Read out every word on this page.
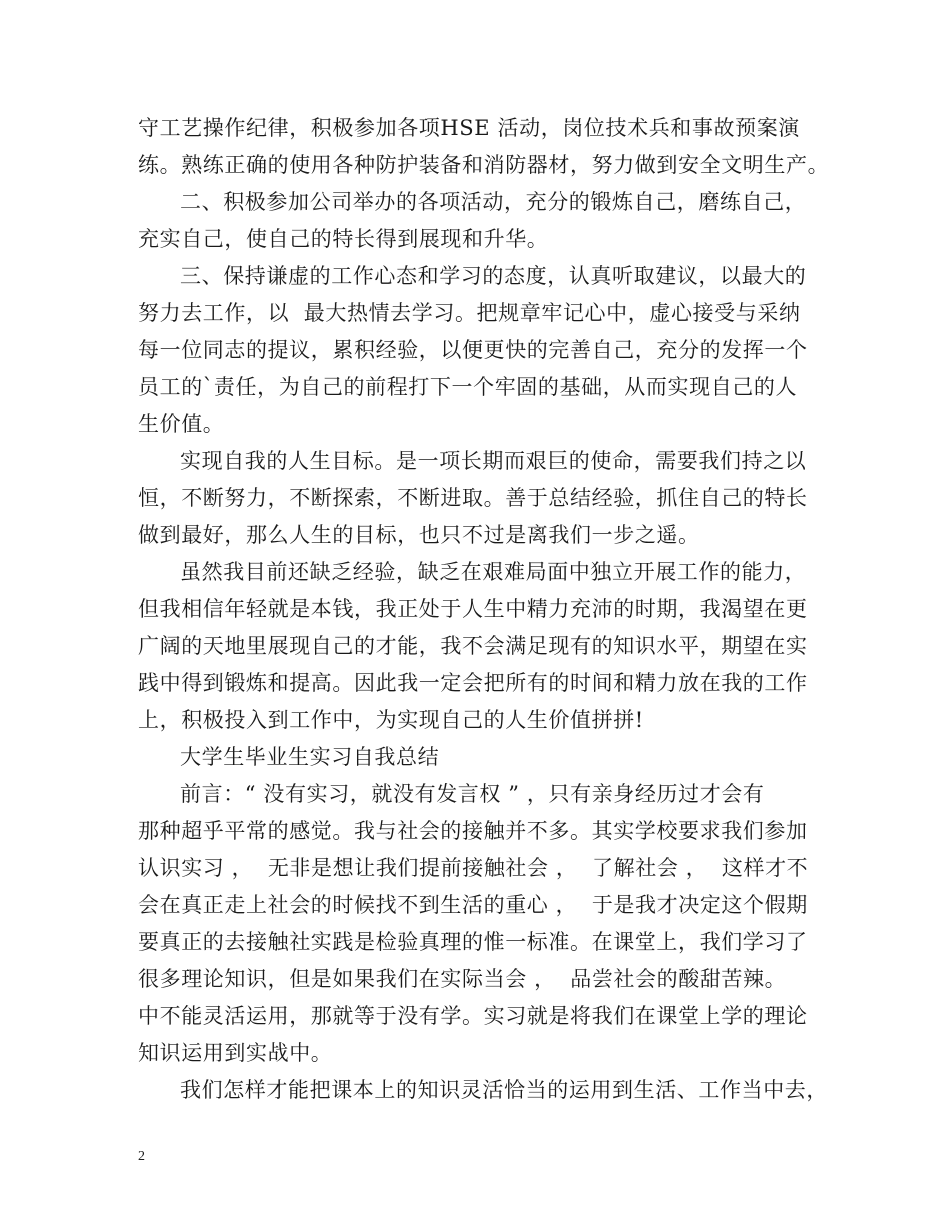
守工艺操作纪律，积极参加各项HSE 活动，岗位技术兵和事故预案演
练。熟练正确的使用各种防护装备和消防器材，努力做到安全文明生产。
二、积极参加公司举办的各项活动，充分的锻炼自己，磨练自己，
充实自己，使自己的特长得到展现和升华。
三、保持谦虚的工作心态和学习的态度，认真听取建议，以最大的
努力去工作，以  最大热情去学习。把规章牢记心中，虚心接受与采纳
每一位同志的提议，累积经验，以便更快的完善自己，充分的发挥一个
员工的`责任，为自己的前程打下一个牢固的基础，从而实现自己的人
生价值。
实现自我的人生目标。是一项长期而艰巨的使命，需要我们持之以
恒，不断努力，不断探索，不断进取。善于总结经验，抓住自己的特长
做到最好，那么人生的目标，也只不过是离我们一步之遥。
虽然我目前还缺乏经验，缺乏在艰难局面中独立开展工作的能力，
但我相信年轻就是本钱，我正处于人生中精力充沛的时期，我渴望在更
广阔的天地里展现自己的才能，我不会满足现有的知识水平，期望在实
践中得到锻炼和提高。因此我一定会把所有的时间和精力放在我的工作
上，积极投入到工作中，为实现自己的人生价值拼拼!
大学生毕业生实习自我总结
前言：“ 没有实习，就没有发言权 ” ，只有亲身经历过才会有
那种超乎平常的感觉。我与社会的接触并不多。其实学校要求我们参加
认识实习 ，  无非是想让我们提前接触社会 ，  了解社会 ，  这样才不
会在真正走上社会的时候找不到生活的重心 ，  于是我才决定这个假期
要真正的去接触社实践是检验真理的惟一标准。在课堂上，我们学习了
很多理论知识，但是如果我们在实际当会 ，  品尝社会的酸甜苦辣。
中不能灵活运用，那就等于没有学。实习就是将我们在课堂上学的理论
知识运用到实战中。
我们怎样才能把课本上的知识灵活恰当的运用到生活、工作当中去，
2
